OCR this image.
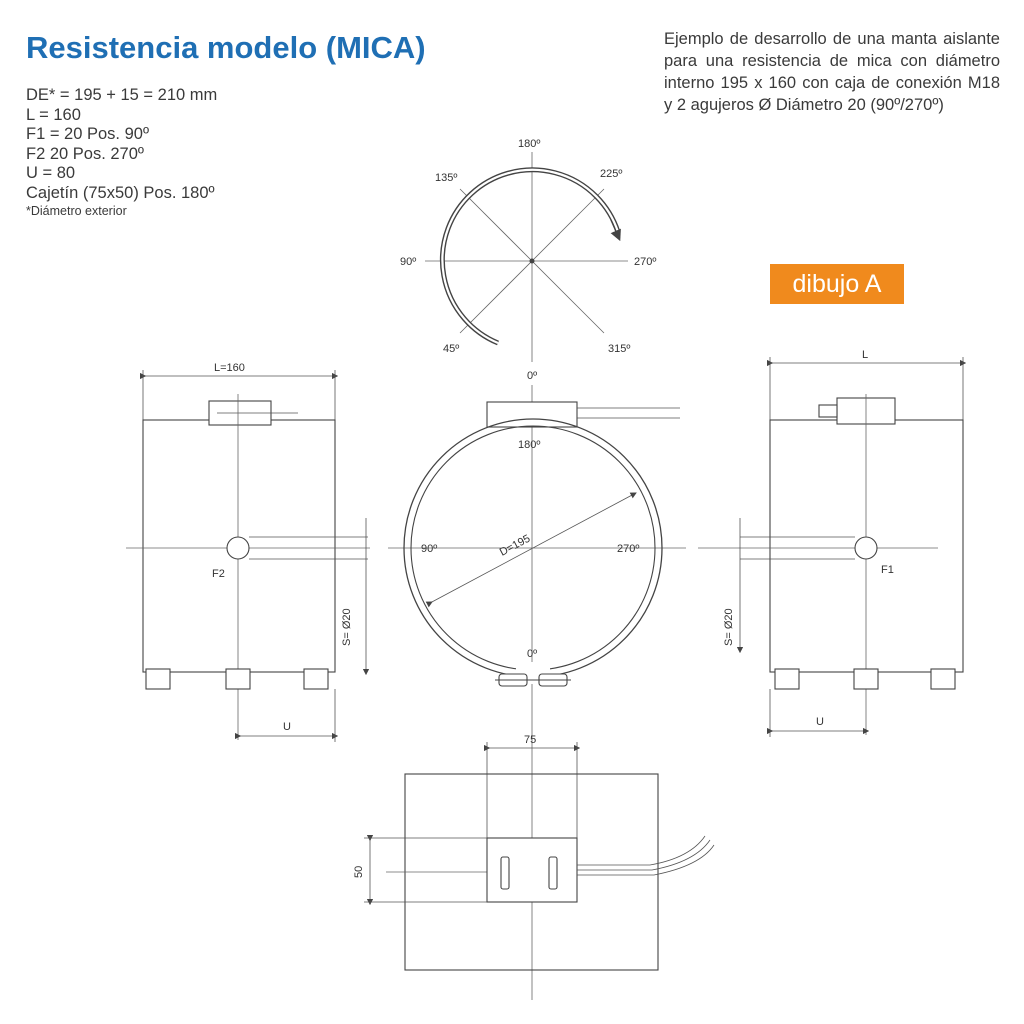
Resistencia modelo (MICA)
DE* = 195 + 15 = 210 mm
L = 160
F1 = 20 Pos. 90º
F2 20 Pos. 270º
U = 80
Cajetín (75x50) Pos. 180º
*Diámetro exterior
Ejemplo de desarrollo de una manta aislante para una resistencia de mica con diámetro interno 195 x 160 con caja de conexión M18 y 2 agujeros Ø Diámetro 20 (90º/270º)
dibujo A
180º
135º	225º
90º	270º
45º	315º
L=160
S= Ø20
F2
U
0º
D=195
180º
90º	270º
0º
L
S= Ø20
F1
U
75
50
